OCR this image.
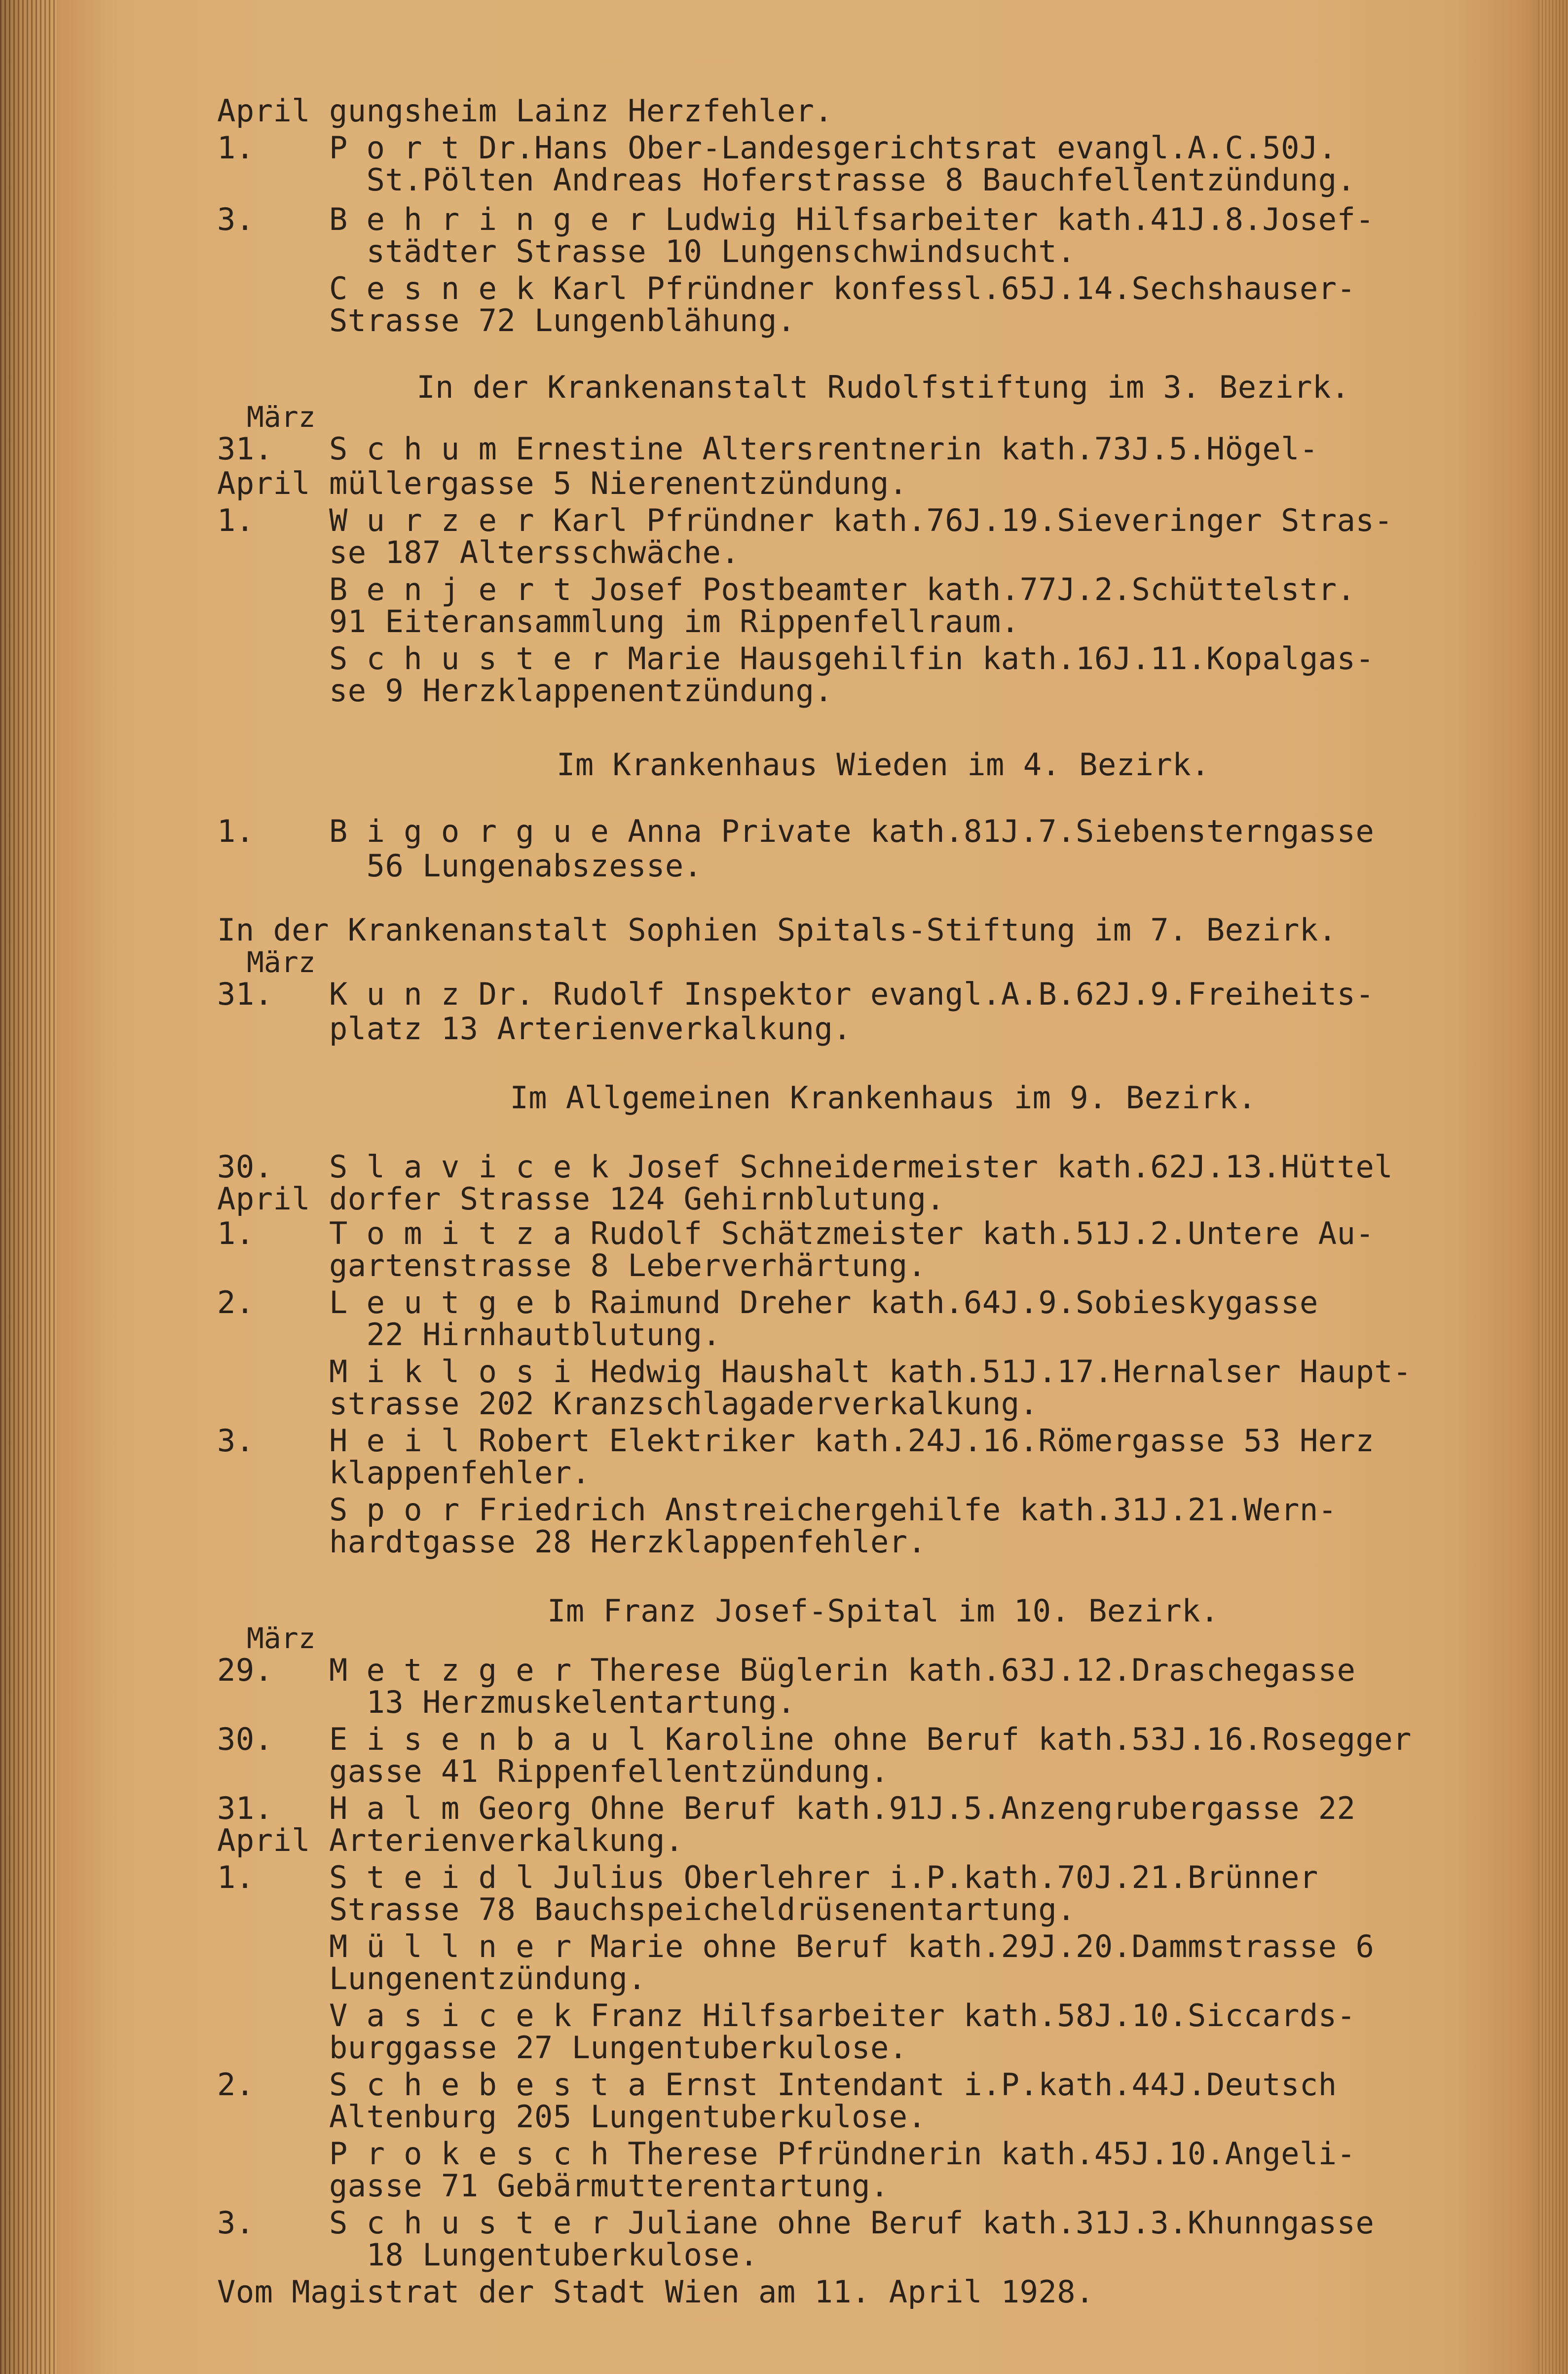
April gungsheim Lainz Herzfehler.
1.    P o r t Dr.Hans Ober-Landesgerichtsrat evangl.A.C.50J.
St.Pölten Andreas Hoferstrasse 8 Bauchfellentzündung.
3.    B e h r i n g e r Ludwig Hilfsarbeiter kath.41J.8.Josef-
städter Strasse 10 Lungenschwindsucht.
C e s n e k Karl Pfründner konfessl.65J.14.Sechshauser-
Strasse 72 Lungenblähung.
In der Krankenanstalt Rudolfstiftung im 3. Bezirk.
März
31.   S c h u m Ernestine Altersrentnerin kath.73J.5.Högel-
April müllergasse 5 Nierenentzündung.
1.    W u r z e r Karl Pfründner kath.76J.19.Sieveringer Stras-
se 187 Altersschwäche.
B e n j e r t Josef Postbeamter kath.77J.2.Schüttelstr.
91 Eiteransammlung im Rippenfellraum.
S c h u s t e r Marie Hausgehilfin kath.16J.11.Kopalgas-
se 9 Herzklappenentzündung.
Im Krankenhaus Wieden im 4. Bezirk.
1.    B i g o r g u e Anna Private kath.81J.7.Siebensterngasse
56 Lungenabszesse.
In der Krankenanstalt Sophien Spitals-Stiftung im 7. Bezirk.
März
31.   K u n z Dr. Rudolf Inspektor evangl.A.B.62J.9.Freiheits-
platz 13 Arterienverkalkung.
Im Allgemeinen Krankenhaus im 9. Bezirk.
30.   S l a v i c e k Josef Schneidermeister kath.62J.13.Hüttel
April dorfer Strasse 124 Gehirnblutung.
1.    T o m i t z a Rudolf Schätzmeister kath.51J.2.Untere Au-
gartenstrasse 8 Leberverhärtung.
2.    L e u t g e b Raimund Dreher kath.64J.9.Sobieskygasse
22 Hirnhautblutung.
M i k l o s i Hedwig Haushalt kath.51J.17.Hernalser Haupt-
strasse 202 Kranzschlagaderverkalkung.
3.    H e i l Robert Elektriker kath.24J.16.Römergasse 53 Herz
klappenfehler.
S p o r Friedrich Anstreichergehilfe kath.31J.21.Wern-
hardtgasse 28 Herzklappenfehler.
Im Franz Josef-Spital im 10. Bezirk.
März
29.   M e t z g e r Therese Büglerin kath.63J.12.Draschegasse
13 Herzmuskelentartung.
30.   E i s e n b a u l Karoline ohne Beruf kath.53J.16.Rosegger
gasse 41 Rippenfellentzündung.
31.   H a l m Georg Ohne Beruf kath.91J.5.Anzengrubergasse 22
April Arterienverkalkung.
1.    S t e i d l Julius Oberlehrer i.P.kath.70J.21.Brünner
Strasse 78 Bauchspeicheldrüsenentartung.
M ü l l n e r Marie ohne Beruf kath.29J.20.Dammstrasse 6
Lungenentzündung.
V a s i c e k Franz Hilfsarbeiter kath.58J.10.Siccards-
burggasse 27 Lungentuberkulose.
2.    S c h e b e s t a Ernst Intendant i.P.kath.44J.Deutsch
Altenburg 205 Lungentuberkulose.
P r o k e s c h Therese Pfründnerin kath.45J.10.Angeli-
gasse 71 Gebärmutterentartung.
3.    S c h u s t e r Juliane ohne Beruf kath.31J.3.Khunngasse
18 Lungentuberkulose.
Vom Magistrat der Stadt Wien am 11. April 1928.
